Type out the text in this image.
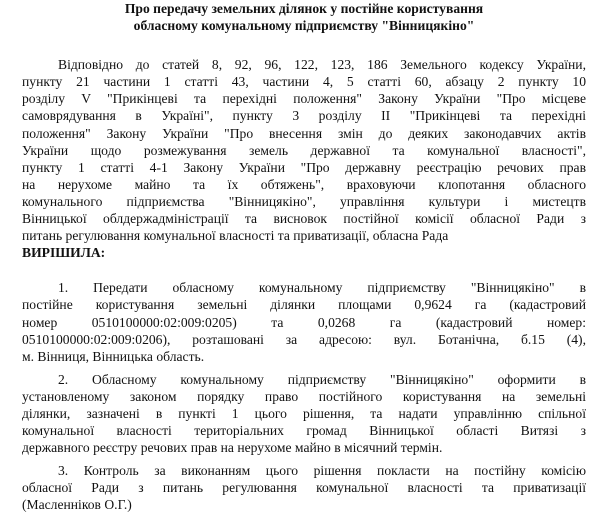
Про передачу земельних ділянок у постійне користування
обласному комунальному підприємству "Вінницякіно"
Відповідно до статей 8, 92, 96, 122, 123, 186 Земельного кодексу України,
пункту 21 частини 1 статті 43, частини 4, 5 статті 60, абзацу 2 пункту 10
розділу V "Прикінцеві та перехідні положення" Закону України "Про місцеве
самоврядування в Україні", пункту 3 розділу II "Прикінцеві та перехідні
положення" Закону України "Про внесення змін до деяких законодавчих актів
України щодо розмежування земель державної та комунальної власності",
пункту 1 статті 4-1 Закону України "Про державну реєстрацію речових прав
на нерухоме майно та їх обтяжень", враховуючи клопотання обласного
комунального підприємства "Вінницякіно", управління культури і мистецтв
Вінницької облдержадміністрації та висновок постійної комісії обласної Ради з
питань регулювання комунальної власності та приватизації, обласна Рада
ВИРІШИЛА:
1. Передати обласному комунальному підприємству "Вінницякіно" в
постійне користування земельні ділянки площами 0,9624 га (кадастровий
номер 0510100000:02:009:0205) та 0,0268 га (кадастровий номер:
0510100000:02:009:0206), розташовані за адресою: вул. Ботанічна, б.15 (4),
м. Вінниця, Вінницька область.
2. Обласному комунальному підприємству "Вінницякіно" оформити в
установленому законом порядку право постійного користування на земельні
ділянки, зазначені в пункті 1 цього рішення, та надати управлінню спільної
комунальної власності територіальних громад Вінницької області Витязі з
державного реєстру речових прав на нерухоме майно в місячний термін.
3. Контроль за виконанням цього рішення покласти на постійну комісію
обласної Ради з питань регулювання комунальної власності та приватизації
(Масленніков О.Г.)
